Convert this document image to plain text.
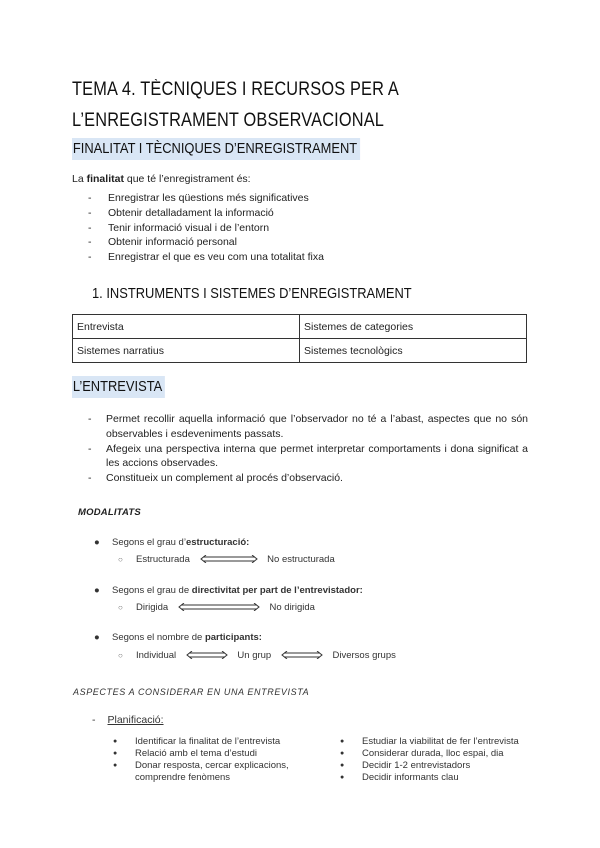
TEMA 4. TÈCNIQUES I RECURSOS PER A L’ENREGISTRAMENT OBSERVACIONAL
FINALITAT I TÈCNIQUES D’ENREGISTRAMENT
La finalitat que té l’enregistrament és:
- Enregistrar les qüestions més significatives
- Obtenir detalladament la informació
- Tenir informació visual i de l’entorn
- Obtenir informació personal
- Enregistrar el que es veu com una totalitat fixa
1. INSTRUMENTS I SISTEMES D’ENREGISTRAMENT
Entrevista	Sistemes de categories
Sistemes narratius	Sistemes tecnològics
L’ENTREVISTA
- Permet recollir aquella informació que l’observador no té a l’abast, aspectes que no són observables i esdeveniments passats.
- Afegeix una perspectiva interna que permet interpretar comportaments i dona significat a les accions observades.
- Constitueix un complement al procés d’observació.
MODALITATS
● Segons el grau d’estructuració:
○ Estructurada	No estructurada
● Segons el grau de directivitat per part de l’entrevistador:
○ Dirigida	No dirigida
● Segons el nombre de participants:
○ Individual	Un grup	Diversos grups
ASPECTES A CONSIDERAR EN UNA ENTREVISTA
- Planificació:
● Identificar la finalitat de l’entrevista
● Relació amb el tema d’estudi
● Donar resposta, cercar explicacions, comprendre fenòmens
● Estudiar la viabilitat de fer l’entrevista
● Considerar durada, lloc espai, dia
● Decidir 1-2 entrevistadors
● Decidir informants clau
